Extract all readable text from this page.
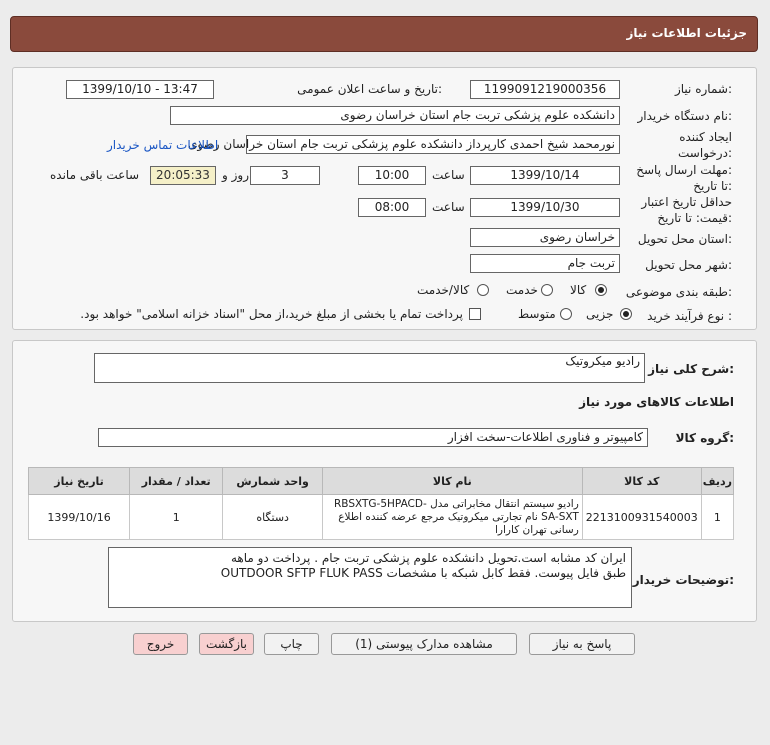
جزئیات اطلاعات نیاز
شماره نیاز:
1199091219000356
تاریخ و ساعت اعلان عمومی:
1399/10/10 - 13:47
نام دستگاه خریدار:
دانشکده علوم پزشکی تربت جام استان خراسان رضوی
ایجاد کننده
درخواست:
نورمحمد شیخ احمدی کارپرداز دانشکده علوم پزشکی تربت جام استان خراسان رضوی
اطلاعات تماس خریدار
مهلت ارسال پاسخ:
تا تاریخ:
1399/10/14
ساعت
10:00
3
روز و
20:05:33
ساعت باقی مانده
حداقل تاریخ اعتبار
قیمت: تا تاریخ:
1399/10/30
ساعت
08:00
استان محل تحویل:
خراسان رضوی
شهر محل تحویل:
تربت جام
طبقه بندی موضوعی:
کالا
خدمت
کالا/خدمت
نوع فرآیند خرید :
جزیی
متوسط
پرداخت تمام یا بخشی از مبلغ خرید،از محل "اسناد خزانه اسلامی" خواهد بود.
شرح کلی نیاز:
رادیو میکروتیک
اطلاعات کالاهای مورد نیاز
گروه کالا:
کامپیوتر و فناوری اطلاعات-سخت افزار
ردیف	کد کالا	نام کالا	واحد شمارش	تعداد / مقدار	تاریخ نیاز
1	2213100931540003	رادیو سیستم انتقال مخابراتی مدل RBSXTG-5HPACD-SA-SXT نام تجارتی میکروتیک مرجع عرضه کننده اطلاع رسانی تهران کارارا	دستگاه	1	1399/10/16
توضیحات خریدار:
ایران کد مشابه است.تحویل دانشکده علوم پزشکی تربت جام . پرداخت دو ماهه
طبق فایل پیوست. فقط کابل شبکه با مشخصات OUTDOOR SFTP FLUK PASS
پاسخ به نیاز
مشاهده مدارک پیوستی (1)
چاپ
بازگشت
خروج
